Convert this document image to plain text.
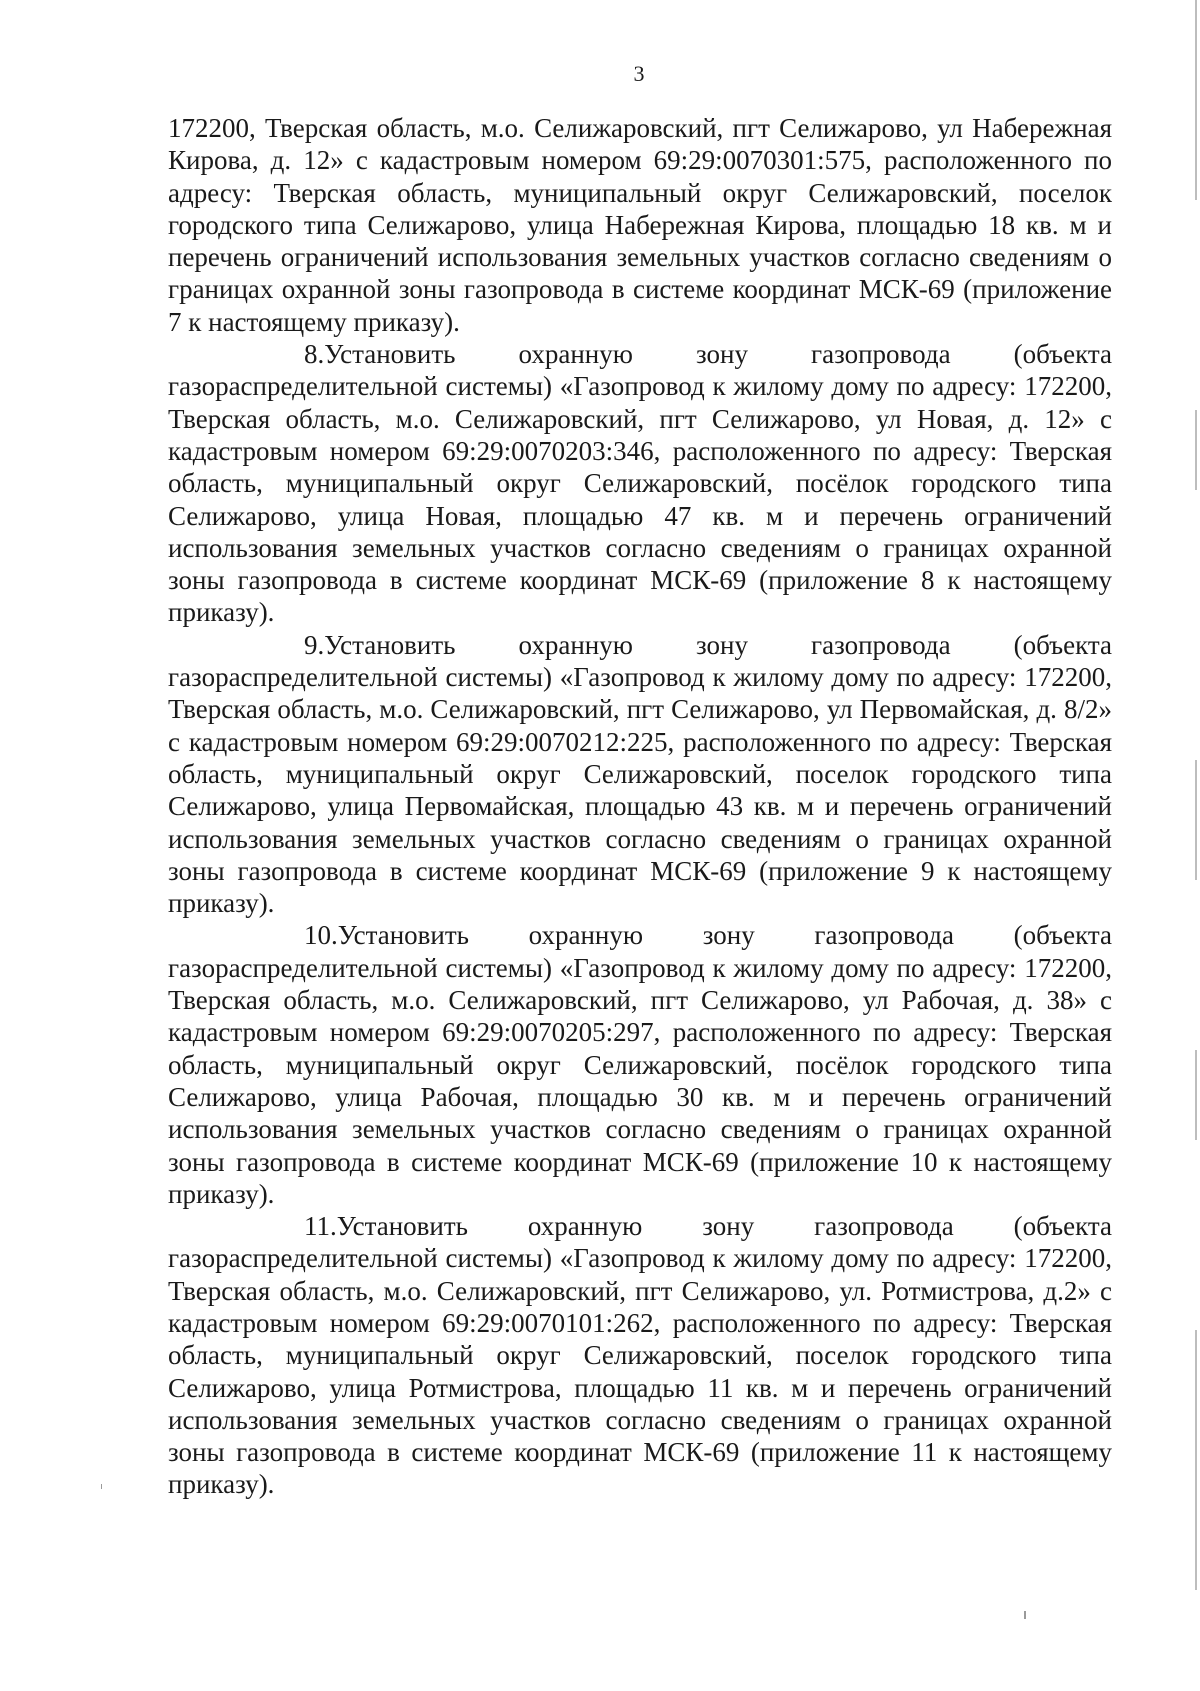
3

172200, Тверская область, м.о. Селижаровский, пгт Селижарово, ул Набережная Кирова, д. 12» с кадастровым номером 69:29:0070301:575, расположенного по адресу: Тверская область, муниципальный округ Селижаровский, поселок городского типа Селижарово, улица Набережная Кирова, площадью 18 кв. м и перечень ограничений использования земельных участков согласно сведениям о границах охранной зоны газопровода в системе координат МСК-69 (приложение 7 к настоящему приказу).

8.Установить охранную зону газопровода (объекта газораспределительной системы) «Газопровод к жилому дому по адресу: 172200, Тверская область, м.о. Селижаровский, пгт Селижарово, ул Новая, д. 12» с кадастровым номером 69:29:0070203:346, расположенного по адресу: Тверская область, муниципальный округ Селижаровский, посёлок городского типа Селижарово, улица Новая, площадью 47 кв. м и перечень ограничений использования земельных участков согласно сведениям о границах охранной зоны газопровода в системе координат МСК-69 (приложение 8 к настоящему приказу).

9.Установить охранную зону газопровода (объекта газораспределительной системы) «Газопровод к жилому дому по адресу: 172200, Тверская область, м.о. Селижаровский, пгт Селижарово, ул Первомайская, д. 8/2» с кадастровым номером 69:29:0070212:225, расположенного по адресу: Тверская область, муниципальный округ Селижаровский, поселок городского типа Селижарово, улица Первомайская, площадью 43 кв. м и перечень ограничений использования земельных участков согласно сведениям о границах охранной зоны газопровода в системе координат МСК-69 (приложение 9 к настоящему приказу).

10.Установить охранную зону газопровода (объекта газораспределительной системы) «Газопровод к жилому дому по адресу: 172200, Тверская область, м.о. Селижаровский, пгт Селижарово, ул Рабочая, д. 38» с кадастровым номером 69:29:0070205:297, расположенного по адресу: Тверская область, муниципальный округ Селижаровский, посёлок городского типа Селижарово, улица Рабочая, площадью 30 кв. м и перечень ограничений использования земельных участков согласно сведениям о границах охранной зоны газопровода в системе координат МСК-69 (приложение 10 к настоящему приказу).

11.Установить охранную зону газопровода (объекта газораспределительной системы) «Газопровод к жилому дому по адресу: 172200, Тверская область, м.о. Селижаровский, пгт Селижарово, ул. Ротмистрова, д.2» с кадастровым номером 69:29:0070101:262, расположенного по адресу: Тверская область, муниципальный округ Селижаровский, поселок городского типа Селижарово, улица Ротмистрова, площадью 11 кв. м и перечень ограничений использования земельных участков согласно сведениям о границах охранной зоны газопровода в системе координат МСК-69 (приложение 11 к настоящему приказу).
